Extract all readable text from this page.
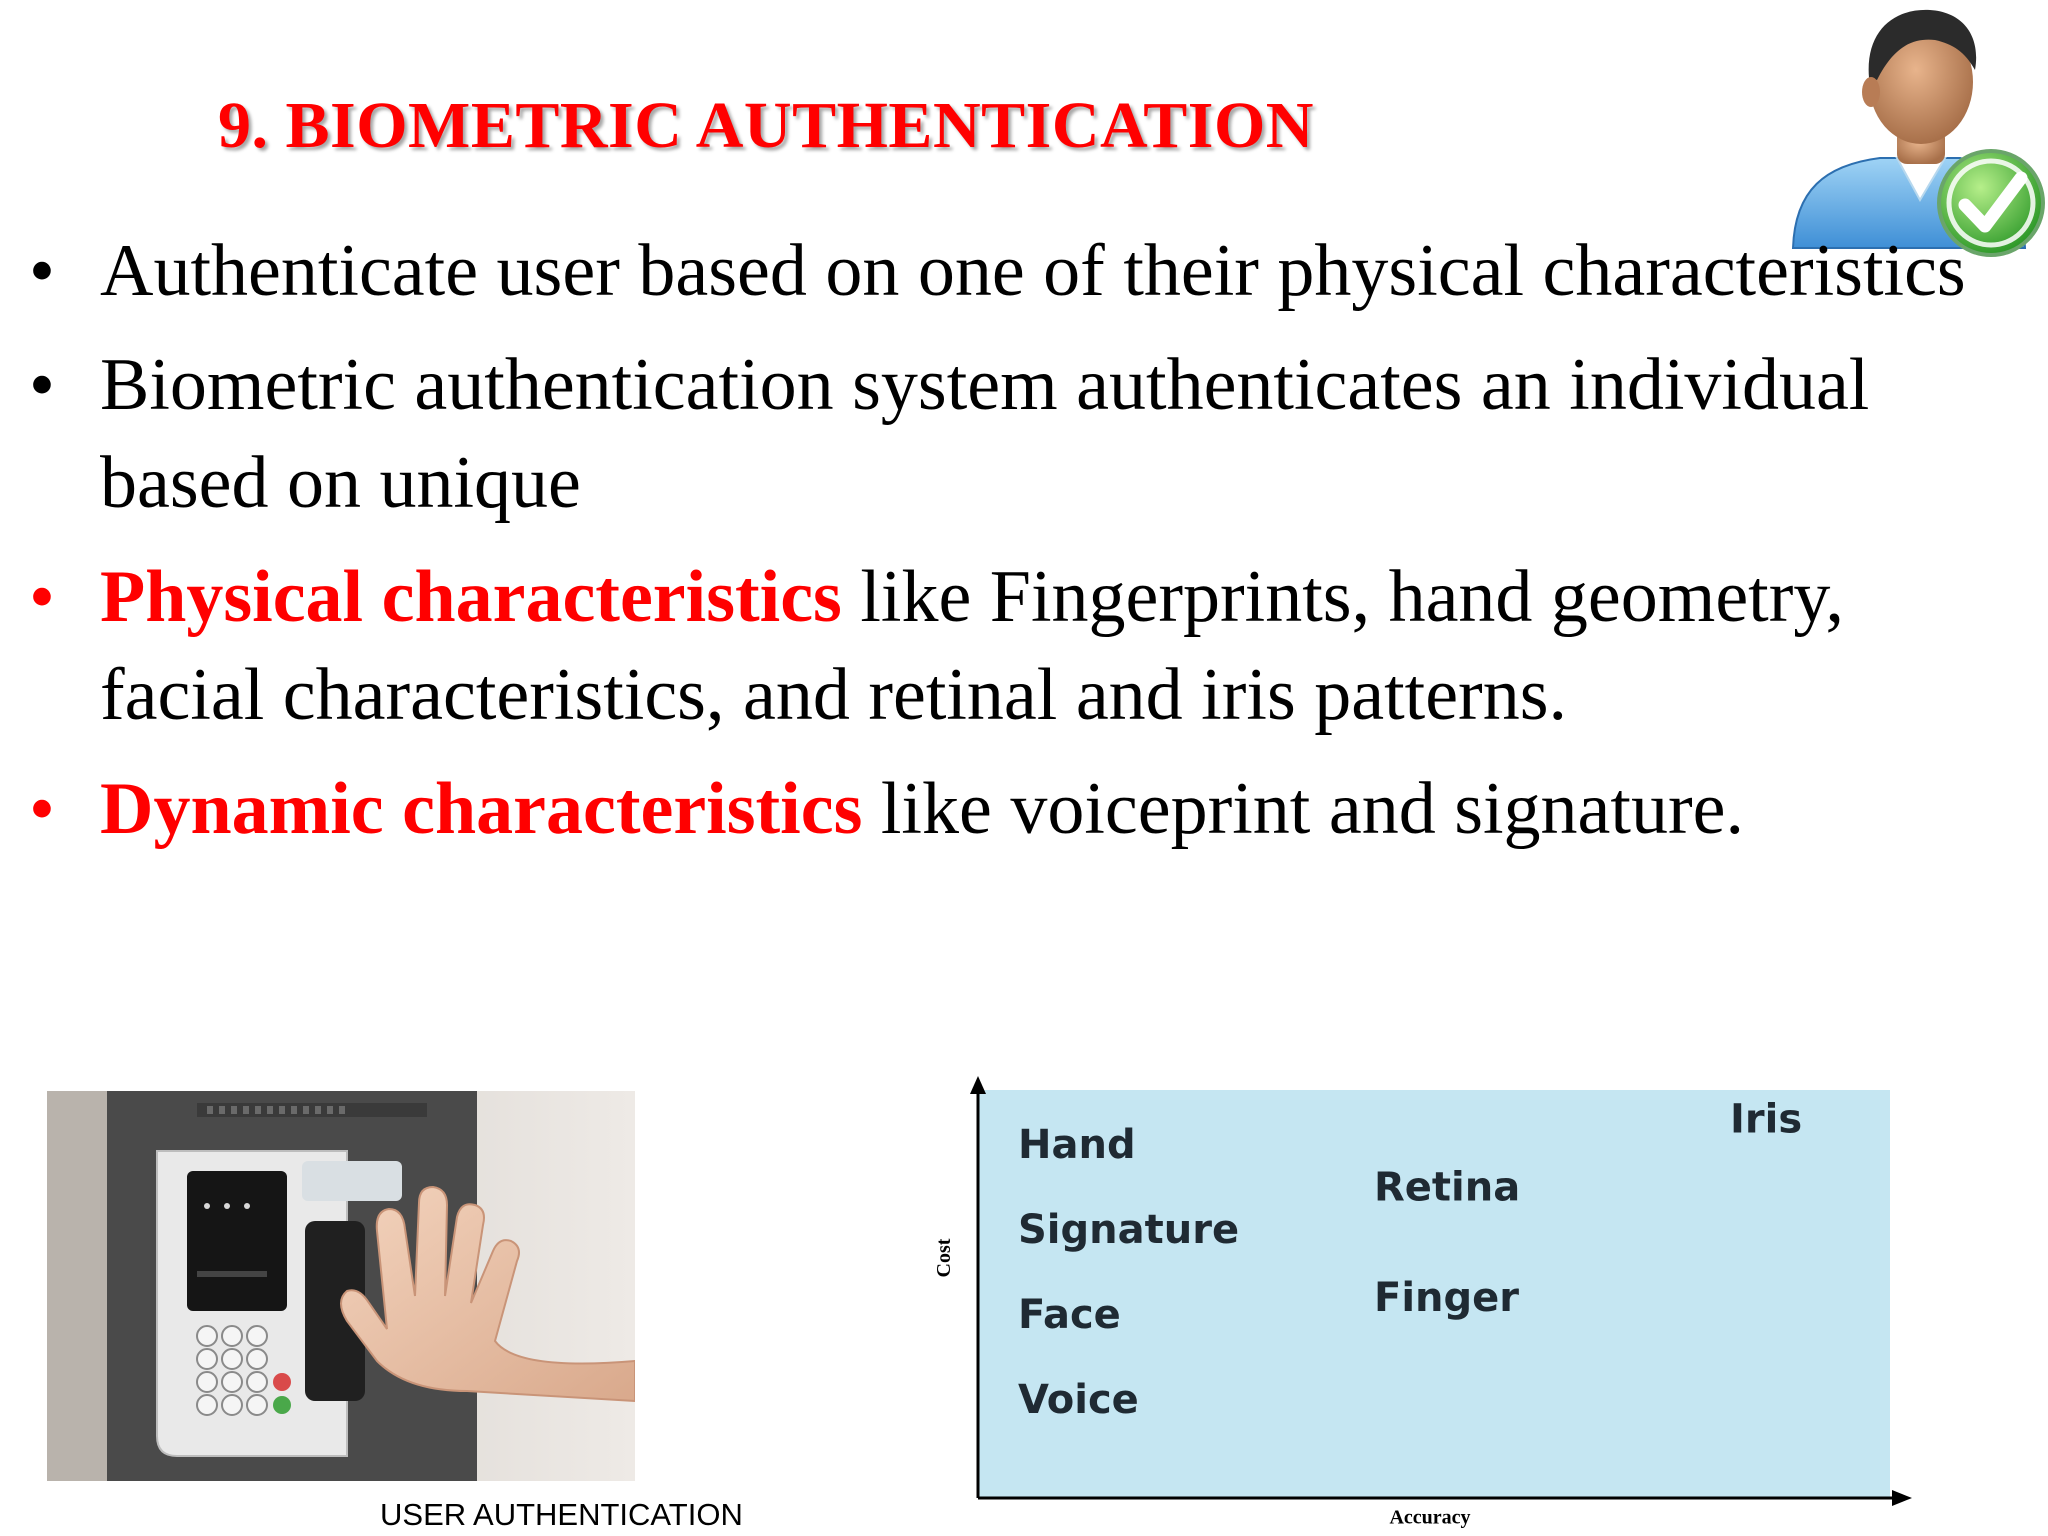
9. BIOMETRIC AUTHENTICATION
• Authenticate user based on one of their physical characteristics
• Biometric authentication system authenticates an individual based on unique
• Physical characteristics like Fingerprints, hand geometry, facial characteristics, and retinal and iris patterns.
• Dynamic characteristics like voiceprint and signature.

USER AUTHENTICATION

Cost
Accuracy
Hand
Signature
Face
Voice
Retina
Finger
Iris
